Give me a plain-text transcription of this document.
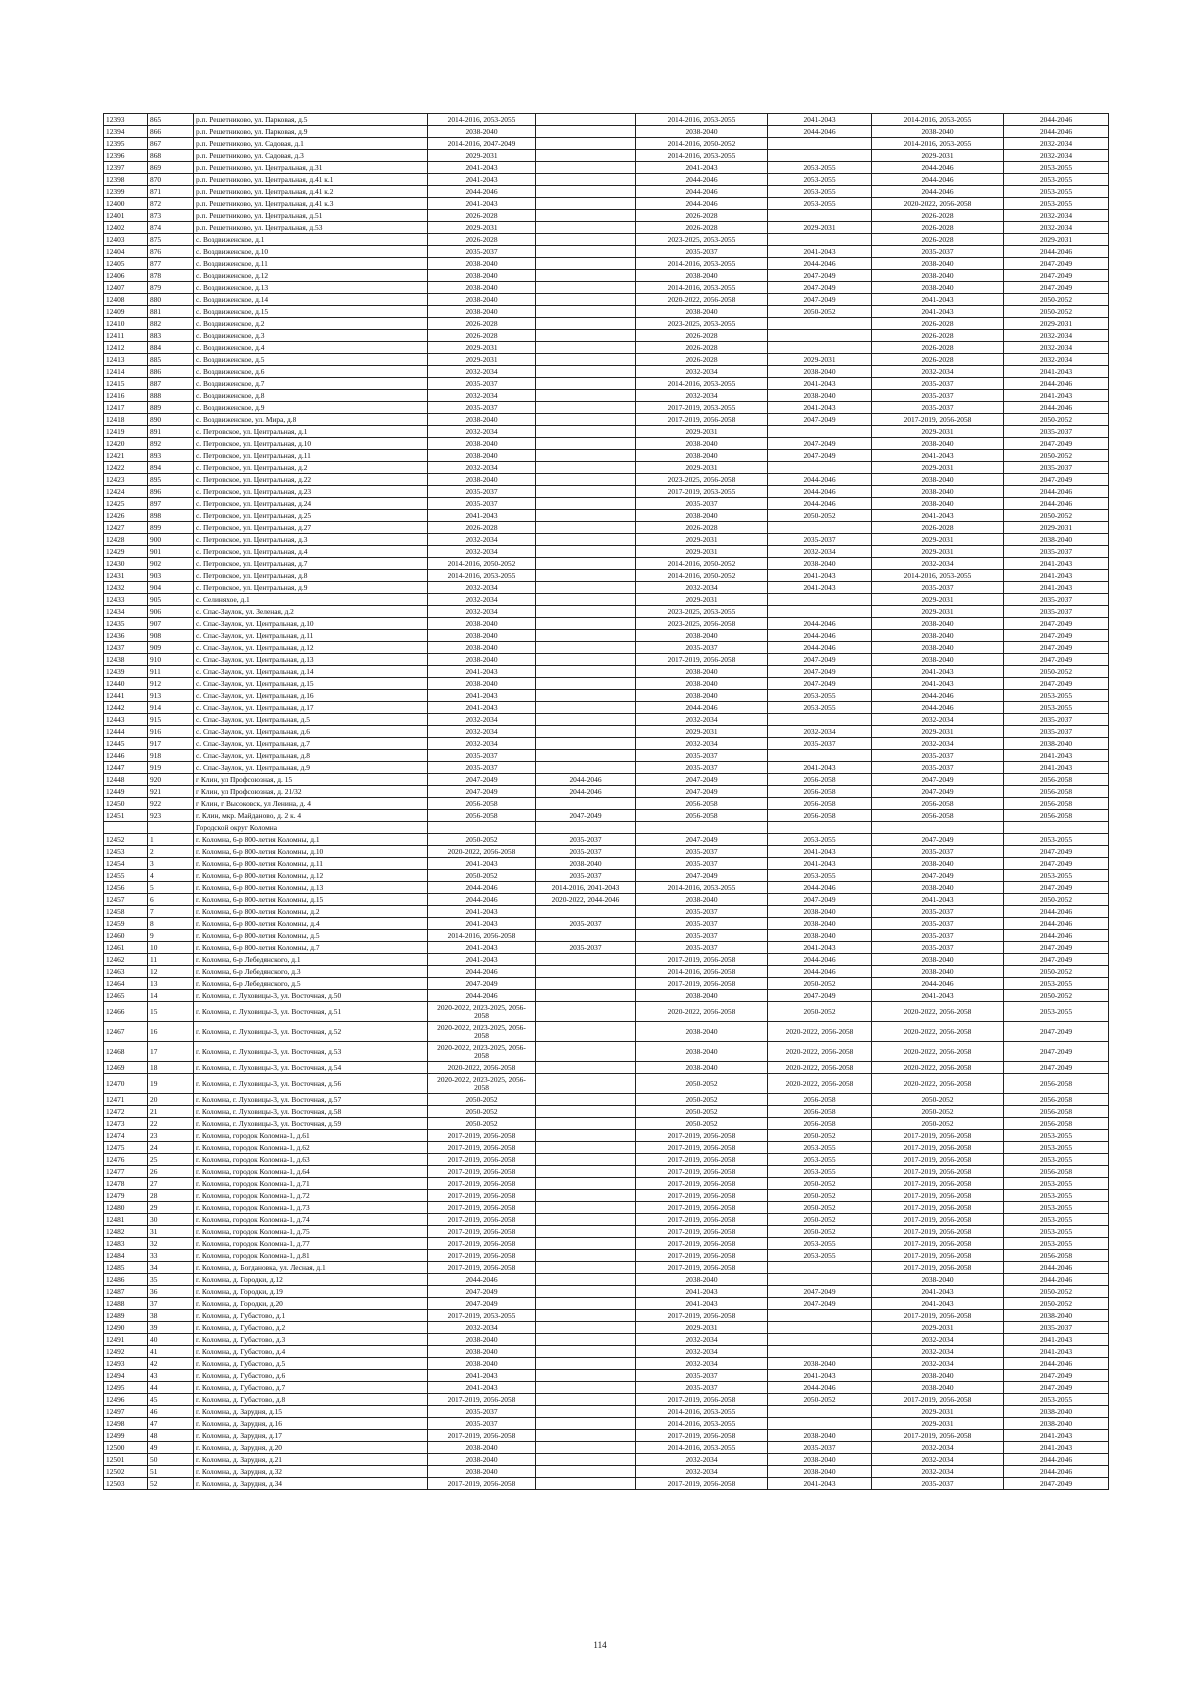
12393	865	р.п. Решетниково, ул. Парковая, д.5	2014-2016, 2053-2055		2014-2016, 2053-2055	2041-2043	2014-2016, 2053-2055	2044-2046
12394	866	р.п. Решетниково, ул. Парковая, д.9	2038-2040		2038-2040	2044-2046	2038-2040	2044-2046
12395	867	р.п. Решетниково, ул. Садовая, д.1	2014-2016, 2047-2049		2014-2016, 2050-2052		2014-2016, 2053-2055	2032-2034
12396	868	р.п. Решетниково, ул. Садовая, д.3	2029-2031		2014-2016, 2053-2055		2029-2031	2032-2034
12397	869	р.п. Решетниково, ул. Центральная, д.31	2041-2043		2041-2043	2053-2055	2044-2046	2053-2055
12398	870	р.п. Решетниково, ул. Центральная, д.41 к.1	2041-2043		2044-2046	2053-2055	2044-2046	2053-2055
12399	871	р.п. Решетниково, ул. Центральная, д.41 к.2	2044-2046		2044-2046	2053-2055	2044-2046	2053-2055
12400	872	р.п. Решетниково, ул. Центральная, д.41 к.3	2041-2043		2044-2046	2053-2055	2020-2022, 2056-2058	2053-2055
12401	873	р.п. Решетниково, ул. Центральная, д.51	2026-2028		2026-2028		2026-2028	2032-2034
12402	874	р.п. Решетниково, ул. Центральная, д.53	2029-2031		2026-2028	2029-2031	2026-2028	2032-2034
12403	875	с. Воздвиженское, д.1	2026-2028		2023-2025, 2053-2055		2026-2028	2029-2031
12404	876	с. Воздвиженское, д.10	2035-2037		2035-2037	2041-2043	2035-2037	2044-2046
12405	877	с. Воздвиженское, д.11	2038-2040		2014-2016, 2053-2055	2044-2046	2038-2040	2047-2049
12406	878	с. Воздвиженское, д.12	2038-2040		2038-2040	2047-2049	2038-2040	2047-2049
12407	879	с. Воздвиженское, д.13	2038-2040		2014-2016, 2053-2055	2047-2049	2038-2040	2047-2049
12408	880	с. Воздвиженское, д.14	2038-2040		2020-2022, 2056-2058	2047-2049	2041-2043	2050-2052
12409	881	с. Воздвиженское, д.15	2038-2040		2038-2040	2050-2052	2041-2043	2050-2052
12410	882	с. Воздвиженское, д.2	2026-2028		2023-2025, 2053-2055		2026-2028	2029-2031
12411	883	с. Воздвиженское, д.3	2026-2028		2026-2028		2026-2028	2032-2034
12412	884	с. Воздвиженское, д.4	2029-2031		2026-2028		2026-2028	2032-2034
12413	885	с. Воздвиженское, д.5	2029-2031		2026-2028	2029-2031	2026-2028	2032-2034
12414	886	с. Воздвиженское, д.6	2032-2034		2032-2034	2038-2040	2032-2034	2041-2043
12415	887	с. Воздвиженское, д.7	2035-2037		2014-2016, 2053-2055	2041-2043	2035-2037	2044-2046
12416	888	с. Воздвиженское, д.8	2032-2034		2032-2034	2038-2040	2035-2037	2041-2043
12417	889	с. Воздвиженское, д.9	2035-2037		2017-2019, 2053-2055	2041-2043	2035-2037	2044-2046
12418	890	с. Воздвиженское, ул. Мира, д.8	2038-2040		2017-2019, 2056-2058	2047-2049	2017-2019, 2056-2058	2050-2052
12419	891	с. Петровское, ул. Центральная, д.1	2032-2034		2029-2031		2029-2031	2035-2037
12420	892	с. Петровское, ул. Центральная, д.10	2038-2040		2038-2040	2047-2049	2038-2040	2047-2049
12421	893	с. Петровское, ул. Центральная, д.11	2038-2040		2038-2040	2047-2049	2041-2043	2050-2052
12422	894	с. Петровское, ул. Центральная, д.2	2032-2034		2029-2031		2029-2031	2035-2037
12423	895	с. Петровское, ул. Центральная, д.22	2038-2040		2023-2025, 2056-2058	2044-2046	2038-2040	2047-2049
12424	896	с. Петровское, ул. Центральная, д.23	2035-2037		2017-2019, 2053-2055	2044-2046	2038-2040	2044-2046
12425	897	с. Петровское, ул. Центральная, д.24	2035-2037		2035-2037	2044-2046	2038-2040	2044-2046
12426	898	с. Петровское, ул. Центральная, д.25	2041-2043		2038-2040	2050-2052	2041-2043	2050-2052
12427	899	с. Петровское, ул. Центральная, д.27	2026-2028		2026-2028		2026-2028	2029-2031
12428	900	с. Петровское, ул. Центральная, д.3	2032-2034		2029-2031	2035-2037	2029-2031	2038-2040
12429	901	с. Петровское, ул. Центральная, д.4	2032-2034		2029-2031	2032-2034	2029-2031	2035-2037
12430	902	с. Петровское, ул. Центральная, д.7	2014-2016, 2050-2052		2014-2016, 2050-2052	2038-2040	2032-2034	2041-2043
12431	903	с. Петровское, ул. Центральная, д.8	2014-2016, 2053-2055		2014-2016, 2050-2052	2041-2043	2014-2016, 2053-2055	2041-2043
12432	904	с. Петровское, ул. Центральная, д.9	2032-2034		2032-2034	2041-2043	2035-2037	2041-2043
12433	905	с. Селиняхое, д.1	2032-2034		2029-2031		2029-2031	2035-2037
12434	906	с. Спас-Заулок, ул. Зеленая, д.2	2032-2034		2023-2025, 2053-2055		2029-2031	2035-2037
12435	907	с. Спас-Заулок, ул. Центральная, д.10	2038-2040		2023-2025, 2056-2058	2044-2046	2038-2040	2047-2049
12436	908	с. Спас-Заулок, ул. Центральная, д.11	2038-2040		2038-2040	2044-2046	2038-2040	2047-2049
12437	909	с. Спас-Заулок, ул. Центральная, д.12	2038-2040		2035-2037	2044-2046	2038-2040	2047-2049
12438	910	с. Спас-Заулок, ул. Центральная, д.13	2038-2040		2017-2019, 2056-2058	2047-2049	2038-2040	2047-2049
12439	911	с. Спас-Заулок, ул. Центральная, д.14	2041-2043		2038-2040	2047-2049	2041-2043	2050-2052
12440	912	с. Спас-Заулок, ул. Центральная, д.15	2038-2040		2038-2040	2047-2049	2041-2043	2047-2049
12441	913	с. Спас-Заулок, ул. Центральная, д.16	2041-2043		2038-2040	2053-2055	2044-2046	2053-2055
12442	914	с. Спас-Заулок, ул. Центральная, д.17	2041-2043		2044-2046	2053-2055	2044-2046	2053-2055
12443	915	с. Спас-Заулок, ул. Центральная, д.5	2032-2034		2032-2034		2032-2034	2035-2037
12444	916	с. Спас-Заулок, ул. Центральная, д.6	2032-2034		2029-2031	2032-2034	2029-2031	2035-2037
12445	917	с. Спас-Заулок, ул. Центральная, д.7	2032-2034		2032-2034	2035-2037	2032-2034	2038-2040
12446	918	с. Спас-Заулок, ул. Центральная, д.8	2035-2037		2035-2037		2035-2037	2041-2043
12447	919	с. Спас-Заулок, ул. Центральная, д.9	2035-2037		2035-2037	2041-2043	2035-2037	2041-2043
12448	920	г Клин, ул Профсоюзная, д. 15	2047-2049	2044-2046	2047-2049	2056-2058	2047-2049	2056-2058
12449	921	г Клин, ул Профсоюзная, д. 21/32	2047-2049	2044-2046	2047-2049	2056-2058	2047-2049	2056-2058
12450	922	г Клин, г Высоковск, ул Ленина, д. 4	2056-2058		2056-2058	2056-2058	2056-2058	2056-2058
12451	923	г. Клин, мкр. Майданово, д. 2 к. 4	2056-2058	2047-2049	2056-2058	2056-2058	2056-2058	2056-2058
		Городской округ Коломна						
12452	1	г. Коломна, 6-р 800-летия Коломны, д.1	2050-2052	2035-2037	2047-2049	2053-2055	2047-2049	2053-2055
12453	2	г. Коломна, 6-р 800-летия Коломны, д.10	2020-2022, 2056-2058	2035-2037	2035-2037	2041-2043	2035-2037	2047-2049
12454	3	г. Коломна, 6-р 800-летия Коломны, д.11	2041-2043	2038-2040	2035-2037	2041-2043	2038-2040	2047-2049
12455	4	г. Коломна, 6-р 800-летия Коломны, д.12	2050-2052	2035-2037	2047-2049	2053-2055	2047-2049	2053-2055
12456	5	г. Коломна, 6-р 800-летия Коломны, д.13	2044-2046	2014-2016, 2041-2043	2014-2016, 2053-2055	2044-2046	2038-2040	2047-2049
12457	6	г. Коломна, 6-р 800-летия Коломны, д.15	2044-2046	2020-2022, 2044-2046	2038-2040	2047-2049	2041-2043	2050-2052
12458	7	г. Коломна, 6-р 800-летия Коломны, д.2	2041-2043		2035-2037	2038-2040	2035-2037	2044-2046
12459	8	г. Коломна, 6-р 800-летия Коломны, д.4	2041-2043	2035-2037	2035-2037	2038-2040	2035-2037	2044-2046
12460	9	г. Коломна, 6-р 800-летия Коломны, д.5	2014-2016, 2056-2058		2035-2037	2038-2040	2035-2037	2044-2046
12461	10	г. Коломна, 6-р 800-летия Коломны, д.7	2041-2043	2035-2037	2035-2037	2041-2043	2035-2037	2047-2049
12462	11	г. Коломна, 6-р Лебедянского, д.1	2041-2043		2017-2019, 2056-2058	2044-2046	2038-2040	2047-2049
12463	12	г. Коломна, 6-р Лебедянского, д.3	2044-2046		2014-2016, 2056-2058	2044-2046	2038-2040	2050-2052
12464	13	г. Коломна, 6-р Лебедянского, д.5	2047-2049		2017-2019, 2056-2058	2050-2052	2044-2046	2053-2055
12465	14	г. Коломна, г. Луховицы-3, ул. Восточная, д.50	2044-2046		2038-2040	2047-2049	2041-2043	2050-2052
12466	15	г. Коломна, г. Луховицы-3, ул. Восточная, д.51	2020-2022, 2023-2025, 2056-2058		2020-2022, 2056-2058	2050-2052	2020-2022, 2056-2058	2053-2055
12467	16	г. Коломна, г. Луховицы-3, ул. Восточная, д.52	2020-2022, 2023-2025, 2056-2058		2038-2040	2020-2022, 2056-2058	2020-2022, 2056-2058	2047-2049
12468	17	г. Коломна, г. Луховицы-3, ул. Восточная, д.53	2020-2022, 2023-2025, 2056-2058		2038-2040	2020-2022, 2056-2058	2020-2022, 2056-2058	2047-2049
12469	18	г. Коломна, г. Луховицы-3, ул. Восточная, д.54	2020-2022, 2056-2058		2038-2040	2020-2022, 2056-2058	2020-2022, 2056-2058	2047-2049
12470	19	г. Коломна, г. Луховицы-3, ул. Восточная, д.56	2020-2022, 2023-2025, 2056-2058		2050-2052	2020-2022, 2056-2058	2020-2022, 2056-2058	2056-2058
12471	20	г. Коломна, г. Луховицы-3, ул. Восточная, д.57	2050-2052		2050-2052	2056-2058	2050-2052	2056-2058
12472	21	г. Коломна, г. Луховицы-3, ул. Восточная, д.58	2050-2052		2050-2052	2056-2058	2050-2052	2056-2058
12473	22	г. Коломна, г. Луховицы-3, ул. Восточная, д.59	2050-2052		2050-2052	2056-2058	2050-2052	2056-2058
12474	23	г. Коломна, городок Коломна-1, д.61	2017-2019, 2056-2058		2017-2019, 2056-2058	2050-2052	2017-2019, 2056-2058	2053-2055
12475	24	г. Коломна, городок Коломна-1, д.62	2017-2019, 2056-2058		2017-2019, 2056-2058	2053-2055	2017-2019, 2056-2058	2053-2055
12476	25	г. Коломна, городок Коломна-1, д.63	2017-2019, 2056-2058		2017-2019, 2056-2058	2053-2055	2017-2019, 2056-2058	2053-2055
12477	26	г. Коломна, городок Коломна-1, д.64	2017-2019, 2056-2058		2017-2019, 2056-2058	2053-2055	2017-2019, 2056-2058	2056-2058
12478	27	г. Коломна, городок Коломна-1, д.71	2017-2019, 2056-2058		2017-2019, 2056-2058	2050-2052	2017-2019, 2056-2058	2053-2055
12479	28	г. Коломна, городок Коломна-1, д.72	2017-2019, 2056-2058		2017-2019, 2056-2058	2050-2052	2017-2019, 2056-2058	2053-2055
12480	29	г. Коломна, городок Коломна-1, д.73	2017-2019, 2056-2058		2017-2019, 2056-2058	2050-2052	2017-2019, 2056-2058	2053-2055
12481	30	г. Коломна, городок Коломна-1, д.74	2017-2019, 2056-2058		2017-2019, 2056-2058	2050-2052	2017-2019, 2056-2058	2053-2055
12482	31	г. Коломна, городок Коломна-1, д.75	2017-2019, 2056-2058		2017-2019, 2056-2058	2050-2052	2017-2019, 2056-2058	2053-2055
12483	32	г. Коломна, городок Коломна-1, д.77	2017-2019, 2056-2058		2017-2019, 2056-2058	2053-2055	2017-2019, 2056-2058	2053-2055
12484	33	г. Коломна, городок Коломна-1, д.81	2017-2019, 2056-2058		2017-2019, 2056-2058	2053-2055	2017-2019, 2056-2058	2056-2058
12485	34	г. Коломна, д. Богдановка, ул. Лесная, д.1	2017-2019, 2056-2058		2017-2019, 2056-2058		2017-2019, 2056-2058	2044-2046
12486	35	г. Коломна, д. Городки, д.12	2044-2046		2038-2040		2038-2040	2044-2046
12487	36	г. Коломна, д. Городки, д.19	2047-2049		2041-2043	2047-2049	2041-2043	2050-2052
12488	37	г. Коломна, д. Городки, д.20	2047-2049		2041-2043	2047-2049	2041-2043	2050-2052
12489	38	г. Коломна, д. Губастово, д.1	2017-2019, 2053-2055		2017-2019, 2056-2058		2017-2019, 2056-2058	2038-2040
12490	39	г. Коломна, д. Губастово, д.2	2032-2034		2029-2031		2029-2031	2035-2037
12491	40	г. Коломна, д. Губастово, д.3	2038-2040		2032-2034		2032-2034	2041-2043
12492	41	г. Коломна, д. Губастово, д.4	2038-2040		2032-2034		2032-2034	2041-2043
12493	42	г. Коломна, д. Губастово, д.5	2038-2040		2032-2034	2038-2040	2032-2034	2044-2046
12494	43	г. Коломна, д. Губастово, д.6	2041-2043		2035-2037	2041-2043	2038-2040	2047-2049
12495	44	г. Коломна, д. Губастово, д.7	2041-2043		2035-2037	2044-2046	2038-2040	2047-2049
12496	45	г. Коломна, д. Губастово, д.8	2017-2019, 2056-2058		2017-2019, 2056-2058	2050-2052	2017-2019, 2056-2058	2053-2055
12497	46	г. Коломна, д. Зарудня, д.15	2035-2037		2014-2016, 2053-2055		2029-2031	2038-2040
12498	47	г. Коломна, д. Зарудня, д.16	2035-2037		2014-2016, 2053-2055		2029-2031	2038-2040
12499	48	г. Коломна, д. Зарудня, д.17	2017-2019, 2056-2058		2017-2019, 2056-2058	2038-2040	2017-2019, 2056-2058	2041-2043
12500	49	г. Коломна, д. Зарудня, д.20	2038-2040		2014-2016, 2053-2055	2035-2037	2032-2034	2041-2043
12501	50	г. Коломна, д. Зарудня, д.21	2038-2040		2032-2034	2038-2040	2032-2034	2044-2046
12502	51	г. Коломна, д. Зарудня, д.32	2038-2040		2032-2034	2038-2040	2032-2034	2044-2046
12503	52	г. Коломна, д. Зарудня, д.34	2017-2019, 2056-2058		2017-2019, 2056-2058	2041-2043	2035-2037	2047-2049
114
